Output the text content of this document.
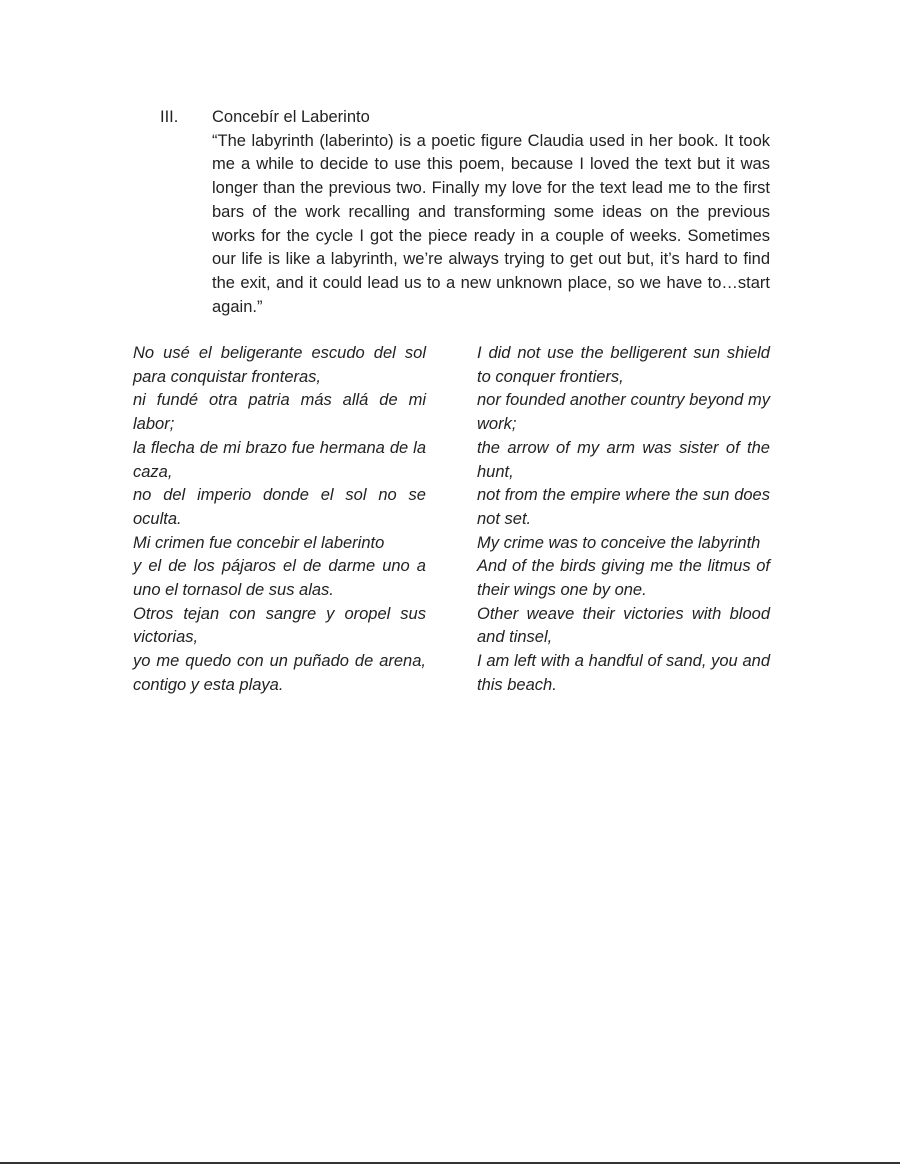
III.	Concebír el Laberinto
“The labyrinth (laberinto) is a poetic figure Claudia used in her book. It took me a while to decide to use this poem, because I loved the text but it was longer than the previous two. Finally my love for the text lead me to the first bars of the work recalling and transforming some ideas on the previous works for the cycle I got the piece ready in a couple of weeks. Sometimes our life is like a labyrinth, we’re always trying to get out but, it’s hard to find the exit, and it could lead us to a new unknown place, so we have to…start again.”
No usé el beligerante escudo del sol para conquistar fronteras,
ni fundé otra patria más allá de mi labor;
la flecha de mi brazo fue hermana de la caza,
no del imperio donde el sol no se oculta.
Mi crimen fue concebir el laberinto
y el de los pájaros el de darme uno a uno el tornasol de sus alas.
Otros tejan con sangre y oropel sus victorias,
yo me quedo con un puñado de arena, contigo y esta playa.
I did not use the belligerent sun shield to conquer frontiers,
nor founded another country beyond my work;
the arrow of my arm was sister of the hunt,
not from the empire where the sun does not set.
My crime was to conceive the labyrinth
And of the birds giving me the litmus of their wings one by one.
Other weave their victories with blood and tinsel,
I am left with a handful of sand, you and this beach.
